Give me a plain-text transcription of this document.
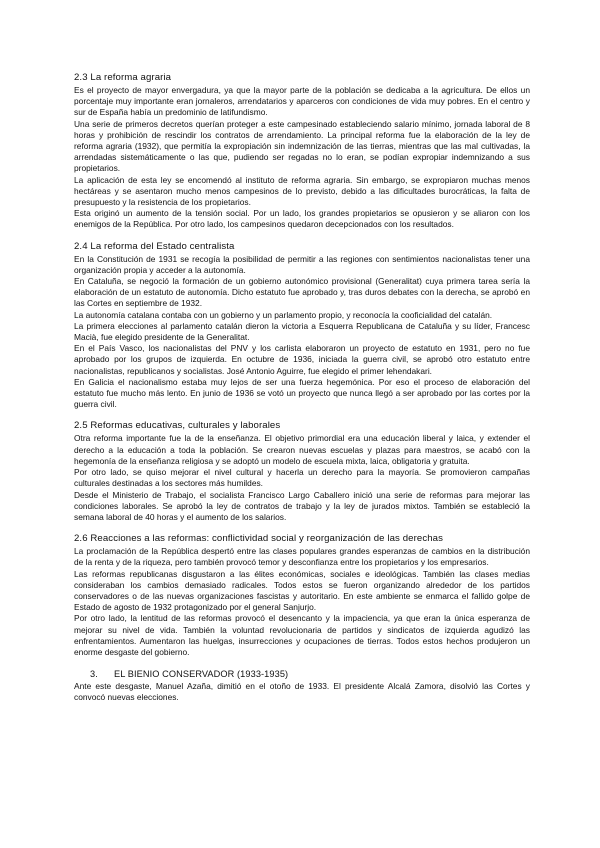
2.3 La reforma agraria

Es el proyecto de mayor envergadura, ya que la mayor parte de la población se dedicaba a la agricultura. De ellos un porcentaje muy importante eran jornaleros, arrendatarios y aparceros con condiciones de vida muy pobres. En el centro y sur de España había un predominio de latifundismo.

Una serie de primeros decretos querían proteger a este campesinado estableciendo salario mínimo, jornada laboral de 8 horas y prohibición de rescindir los contratos de arrendamiento. La principal reforma fue la elaboración de la ley de reforma agraria (1932), que permitía la expropiación sin indemnización de las tierras, mientras que las mal cultivadas, la arrendadas sistemáticamente o las que, pudiendo ser regadas no lo eran, se podían expropiar indemnizando a sus propietarios.

La aplicación de esta ley se encomendó al instituto de reforma agraria. Sin embargo, se expropiaron muchas menos hectáreas y se asentaron mucho menos campesinos de lo previsto, debido a las dificultades burocráticas, la falta de presupuesto y la resistencia de los propietarios.

Esta originó un aumento de la tensión social. Por un lado, los grandes propietarios se opusieron y se aliaron con los enemigos de la República. Por otro lado, los campesinos quedaron decepcionados con los resultados.

2.4 La reforma del Estado centralista

En la Constitución de 1931 se recogía la posibilidad de permitir a las regiones con sentimientos nacionalistas tener una organización propia y acceder a la autonomía.

En Cataluña, se negoció la formación de un gobierno autonómico provisional (Generalitat) cuya primera tarea sería la elaboración de un estatuto de autonomía. Dicho estatuto fue aprobado y, tras duros debates con la derecha, se aprobó en las Cortes en septiembre de 1932.

La autonomía catalana contaba con un gobierno y un parlamento propio, y reconocía la cooficialidad del catalán.

La primera elecciones al parlamento catalán dieron la victoria a Esquerra Republicana de Cataluña y su líder, Francesc Macià, fue elegido presidente de la Generalitat.

En el País Vasco, los nacionalistas del PNV y los carlista elaboraron un proyecto de estatuto en 1931, pero no fue aprobado por los grupos de izquierda. En octubre de 1936, iniciada la guerra civil, se aprobó otro estatuto entre nacionalistas, republicanos y socialistas. José Antonio Aguirre, fue elegido el primer lehendakari.

En Galicia el nacionalismo estaba muy lejos de ser una fuerza hegemónica. Por eso el proceso de elaboración del estatuto fue mucho más lento. En junio de 1936 se votó un proyecto que nunca llegó a ser aprobado por las cortes por la guerra civil.

2.5 Reformas educativas, culturales y laborales

Otra reforma importante fue la de la enseñanza. El objetivo primordial era una educación liberal y laica, y extender el derecho a la educación a toda la población. Se crearon nuevas escuelas y plazas para maestros, se acabó con la hegemonía de la enseñanza religiosa y se adoptó un modelo de escuela mixta, laica, obligatoria y gratuita.

Por otro lado, se quiso mejorar el nivel cultural y hacerla un derecho para la mayoría. Se promovieron campañas culturales destinadas a los sectores más humildes.

Desde el Ministerio de Trabajo, el socialista Francisco Largo Caballero inició una serie de reformas para mejorar las condiciones laborales. Se aprobó la ley de contratos de trabajo y la ley de jurados mixtos. También se estableció la semana laboral de 40 horas y el aumento de los salarios.

2.6 Reacciones a las reformas: conflictividad social y reorganización de las derechas

La proclamación de la República despertó entre las clases populares grandes esperanzas de cambios en la distribución de la renta y de la riqueza, pero también provocó temor y desconfianza entre los propietarios y los empresarios.

Las reformas republicanas disgustaron a las élites económicas, sociales e ideológicas. También las clases medias consideraban los cambios demasiado radicales. Todos estos se fueron organizando alrededor de los partidos conservadores o de las nuevas organizaciones fascistas y autoritario. En este ambiente se enmarca el fallido golpe de Estado de agosto de 1932 protagonizado por el general Sanjurjo.

Por otro lado, la lentitud de las reformas provocó el desencanto y la impaciencia, ya que eran la única esperanza de mejorar su nivel de vida. También la voluntad revolucionaria de partidos y sindicatos de izquierda agudizó las enfrentamientos. Aumentaron las huelgas, insurrecciones y ocupaciones de tierras. Todos estos hechos produjeron un enorme desgaste del gobierno.

3. EL BIENIO CONSERVADOR (1933-1935)

Ante este desgaste, Manuel Azaña, dimitió en el otoño de 1933. El presidente Alcalá Zamora, disolvió las Cortes y convocó nuevas elecciones.
